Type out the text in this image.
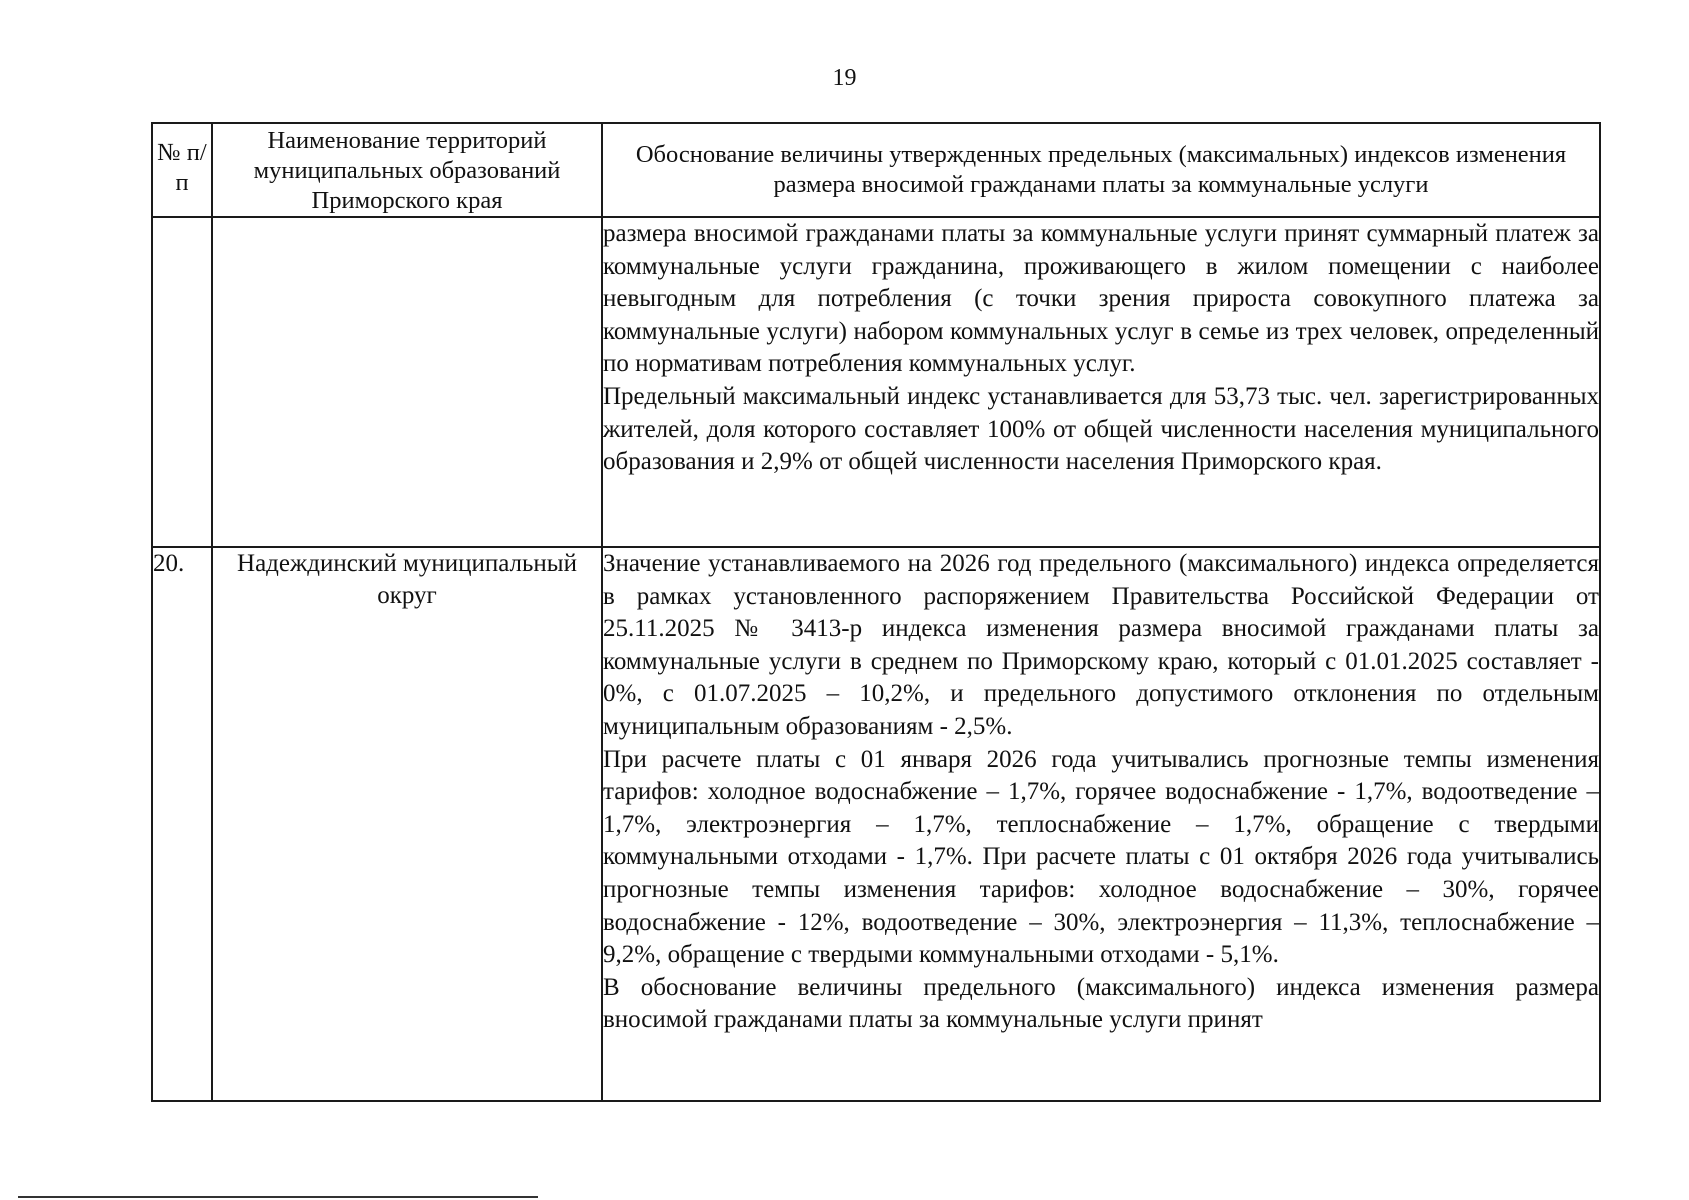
19
№ п/п	Наименование территорий муниципальных образований Приморского края	Обоснование величины утвержденных предельных (максимальных) индексов изменения размера вносимой гражданами платы за коммунальные услуги

		размера вносимой гражданами платы за коммунальные услуги принят суммарный платеж за коммунальные услуги гражданина, проживающего в жилом помещении с наиболее невыгодным для потребления (с точки зрения прироста совокупного платежа за коммунальные услуги) набором коммунальных услуг в семье из трех человек, определенный по нормативам потребления коммунальных услуг.

Предельный максимальный индекс устанавливается для 53,73 тыс. чел. зарегистрированных жителей, доля которого составляет 100% от общей численности населения муниципального образования и 2,9% от общей численности населения Приморского края.

20.	Надеждинский муниципальный округ	Значение устанавливаемого на 2026 год предельного (максимального) индекса определяется в рамках установленного распоряжением Правительства Российской Федерации от 25.11.2025 № 3413-р индекса изменения размера вносимой гражданами платы за коммунальные услуги в среднем по Приморскому краю, который с 01.01.2025 составляет - 0%, с 01.07.2025 – 10,2%, и предельного допустимого отклонения по отдельным муниципальным образованиям - 2,5%.

При расчете платы с 01 января 2026 года учитывались прогнозные темпы изменения тарифов: холодное водоснабжение – 1,7%, горячее водоснабжение - 1,7%, водоотведение – 1,7%, электроэнергия – 1,7%, теплоснабжение – 1,7%, обращение с твердыми коммунальными отходами - 1,7%. При расчете платы с 01 октября 2026 года учитывались прогнозные темпы изменения тарифов: холодное водоснабжение – 30%, горячее водоснабжение - 12%, водоотведение – 30%, электроэнергия – 11,3%, теплоснабжение – 9,2%, обращение с твердыми коммунальными отходами - 5,1%.

В обоснование величины предельного (максимального) индекса изменения размера вносимой гражданами платы за коммунальные услуги принят
